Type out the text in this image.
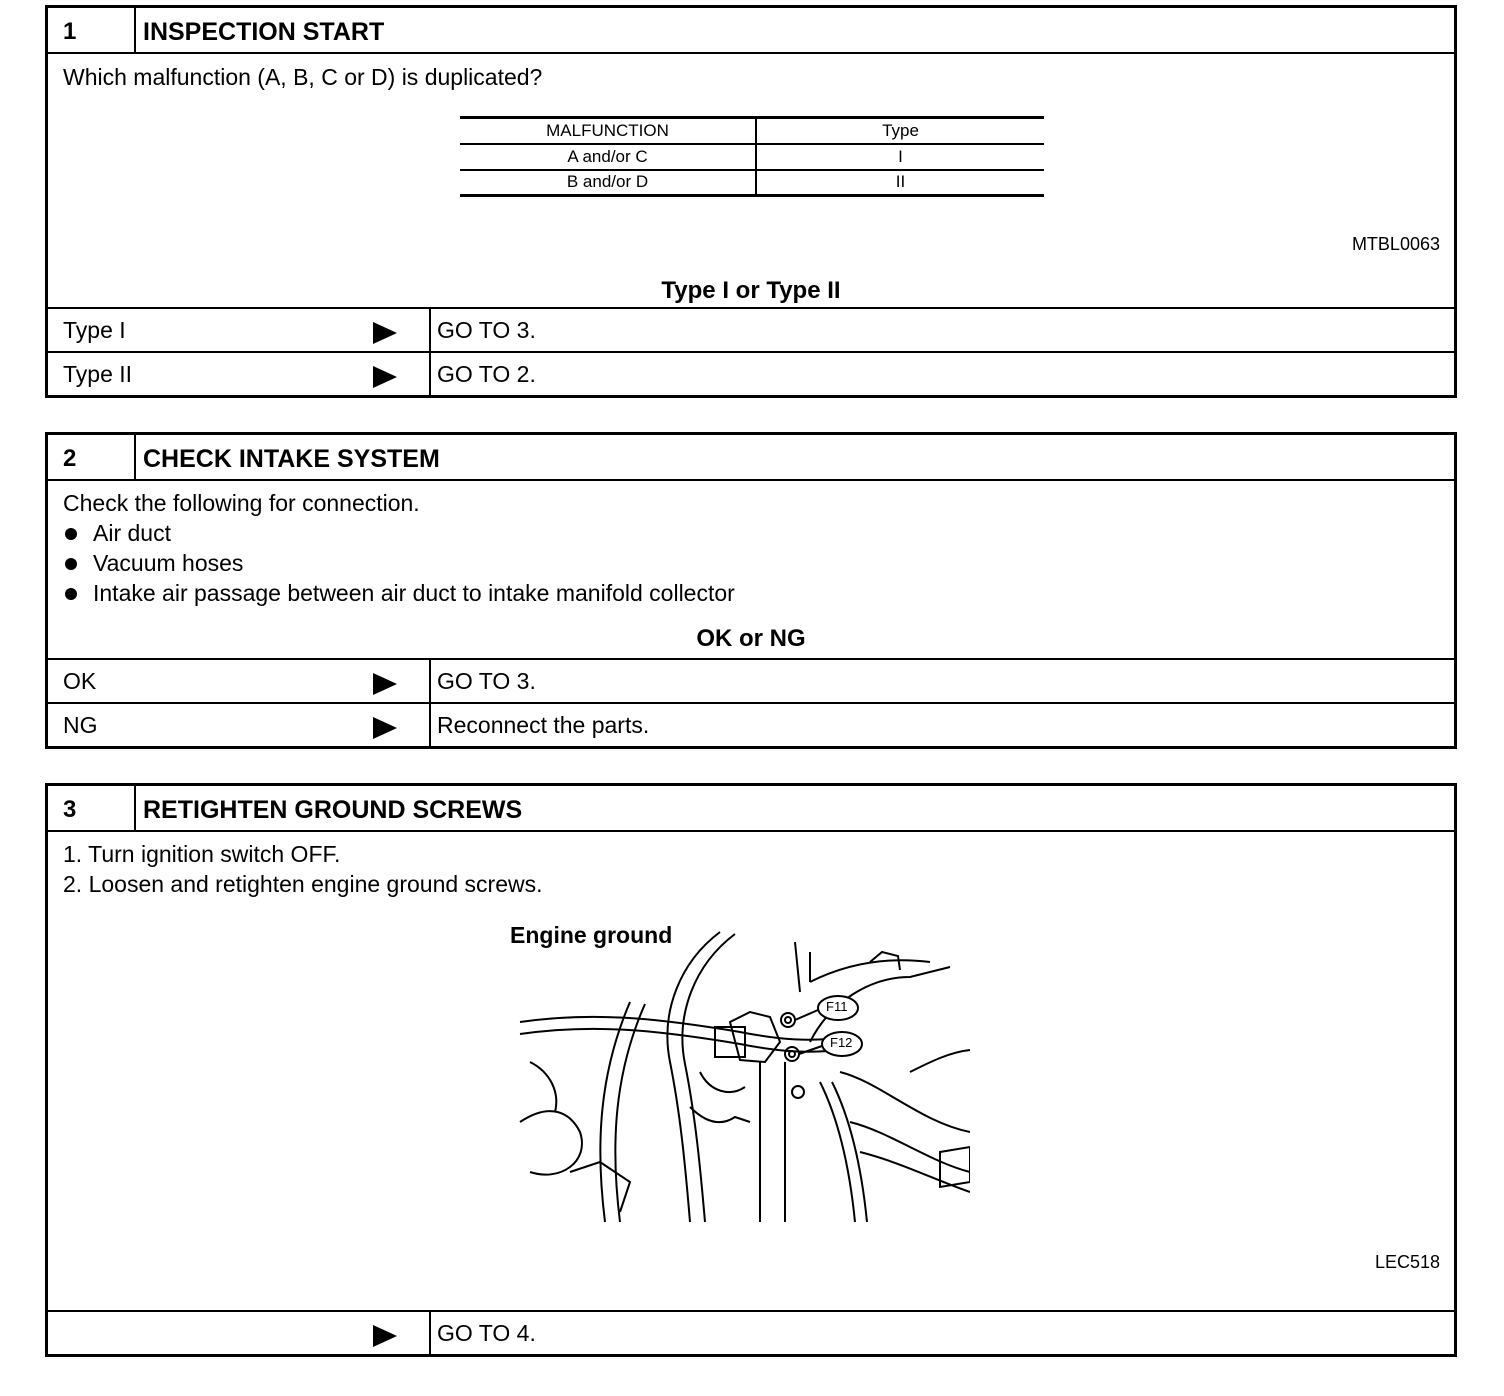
1	INSPECTION START
Which malfunction (A, B, C or D) is duplicated?
MALFUNCTION	Type
A and/or C	I
B and/or D	II
MTBL0063
Type I or Type II
Type I	GO TO 3.
Type II	GO TO 2.
2	CHECK INTAKE SYSTEM
Check the following for connection.
Air duct
Vacuum hoses
Intake air passage between air duct to intake manifold collector
OK or NG
OK	GO TO 3.
NG	Reconnect the parts.
3	RETIGHTEN GROUND SCREWS
1. Turn ignition switch OFF.
2. Loosen and retighten engine ground screws.
Engine ground
F11
F12
LEC518
GO TO 4.
